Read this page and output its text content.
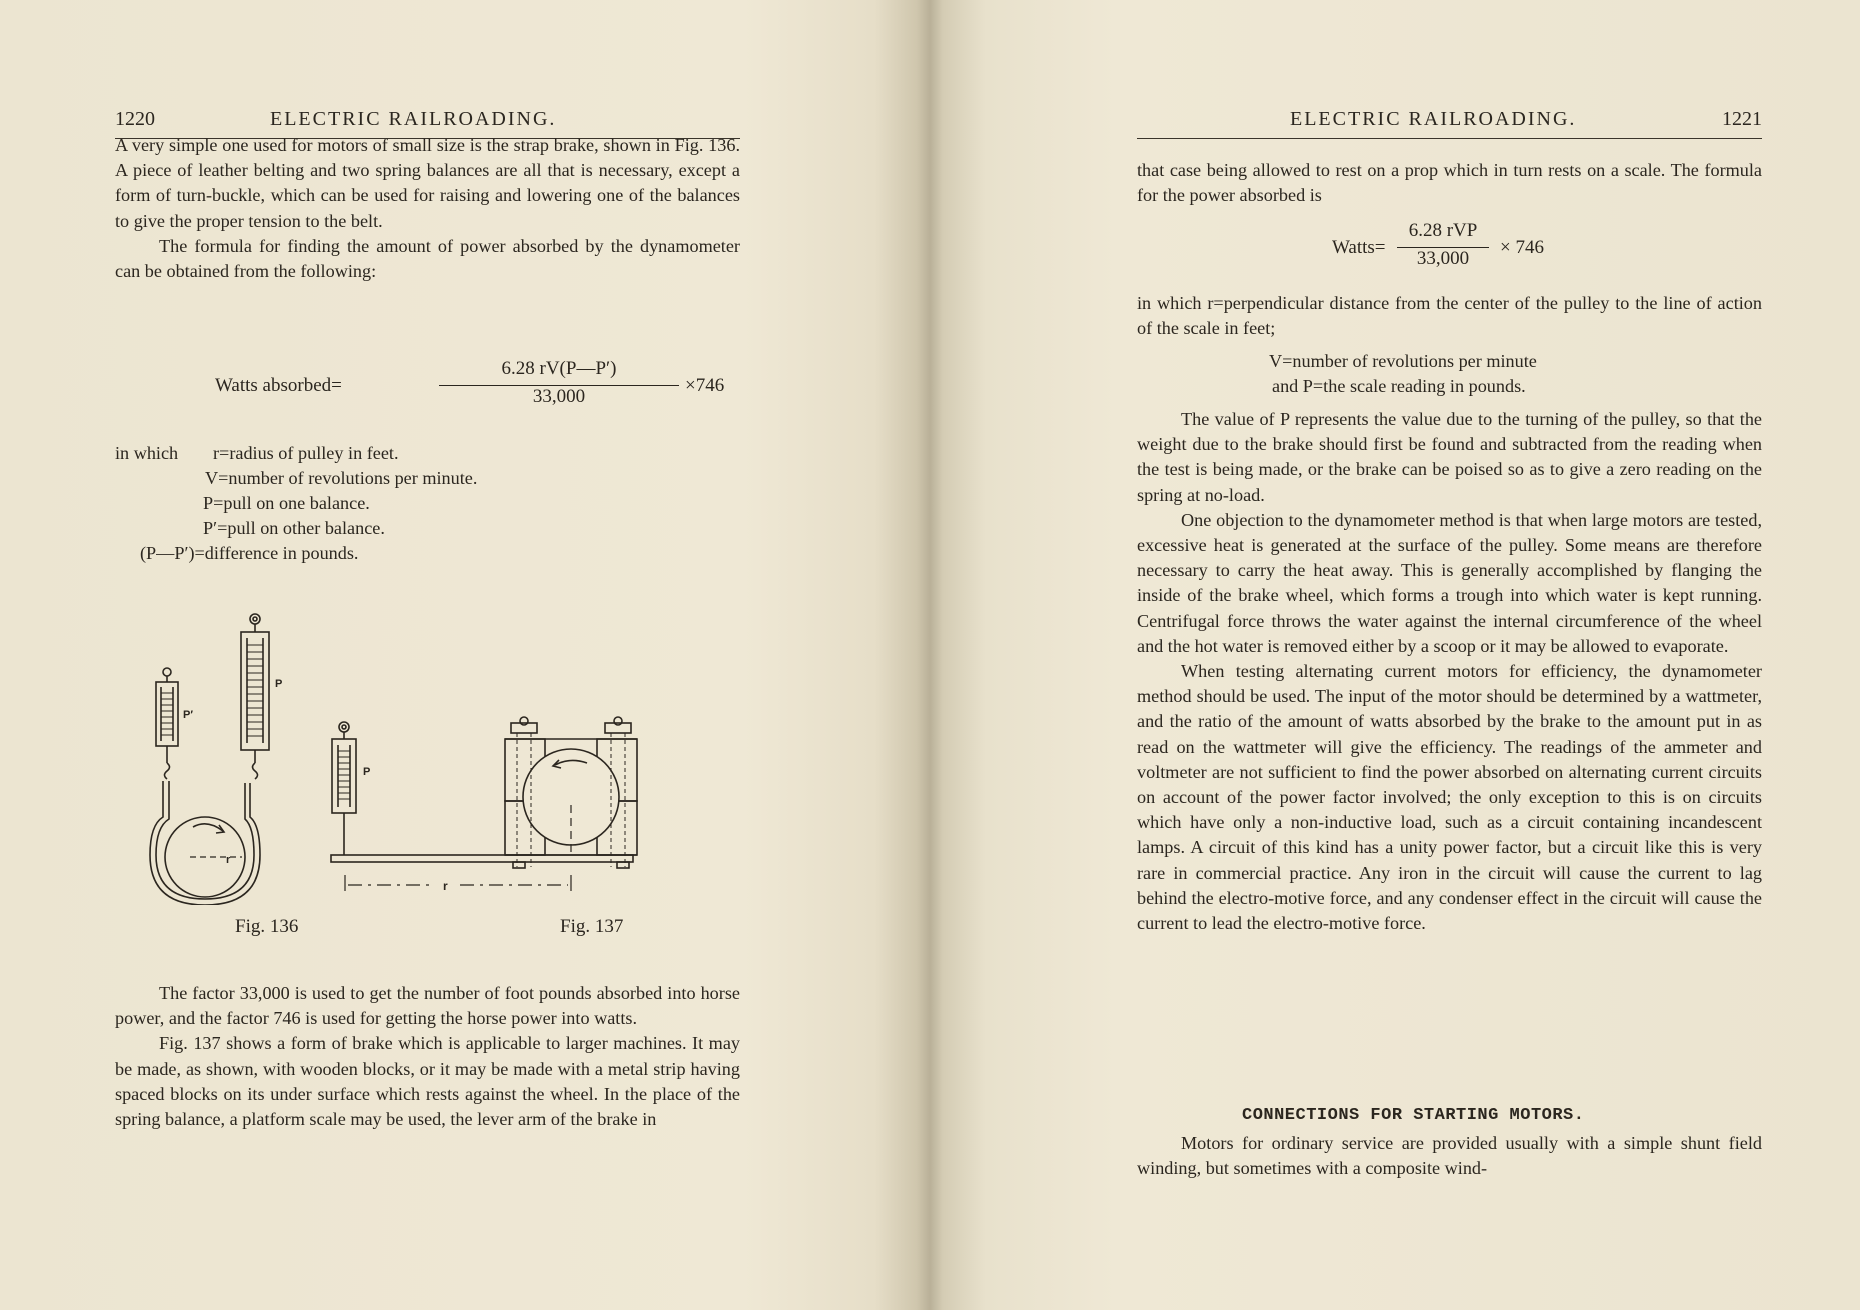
1220	ELECTRIC RAILROADING.

A very simple one used for motors of small size is the strap brake, shown in Fig. 136. A piece of leather belting and two spring balances are all that is necessary, except a form of turn-buckle, which can be used for raising and lowering one of the balances to give the proper tension to the belt.

The formula for finding the amount of power absorbed by the dynamometer can be obtained from the following:

Watts absorbed=
6.28 rV(P—P′)
33,000
×746
in which r=radius of pulley in feet.
V=number of revolutions per minute.
P=pull on one balance.
P′=pull on other balance.
(P—P′)=difference in pounds.
P′
P
r
P
r
Fig. 136	Fig. 137

The factor 33,000 is used to get the number of foot pounds absorbed into horse power, and the factor 746 is used for getting the horse power into watts.

Fig. 137 shows a form of brake which is applicable to larger machines. It may be made, as shown, with wooden blocks, or it may be made with a metal strip having spaced blocks on its under surface which rests against the wheel. In the place of the spring balance, a platform scale may be used, the lever arm of the brake in

ELECTRIC RAILROADING.	1221

that case being allowed to rest on a prop which in turn rests on a scale. The formula for the power absorbed is

Watts=
6.28 rVP
33,000
× 746

in which r=perpendicular distance from the center of the pulley to the line of action of the scale in feet;

V=number of revolutions per minute
and P=the scale reading in pounds.

The value of P represents the value due to the turning of the pulley, so that the weight due to the brake should first be found and subtracted from the reading when the test is being made, or the brake can be poised so as to give a zero reading on the spring at no-load.

One objection to the dynamometer method is that when large motors are tested, excessive heat is generated at the surface of the pulley. Some means are therefore necessary to carry the heat away. This is generally accomplished by flanging the inside of the brake wheel, which forms a trough into which water is kept running. Centrifugal force throws the water against the internal circumference of the wheel and the hot water is removed either by a scoop or it may be allowed to evaporate.

When testing alternating current motors for efficiency, the dynamometer method should be used. The input of the motor should be determined by a wattmeter, and the ratio of the amount of watts absorbed by the brake to the amount put in as read on the wattmeter will give the efficiency. The readings of the ammeter and voltmeter are not sufficient to find the power absorbed on alternating current circuits on account of the power factor involved; the only exception to this is on circuits which have only a non-inductive load, such as a circuit containing incandescent lamps. A circuit of this kind has a unity power factor, but a circuit like this is very rare in commercial practice. Any iron in the circuit will cause the current to lag behind the electro-motive force, and any condenser effect in the circuit will cause the current to lead the electro-motive force.

CONNECTIONS FOR STARTING MOTORS.

Motors for ordinary service are provided usually with a simple shunt field winding, but sometimes with a composite wind-
